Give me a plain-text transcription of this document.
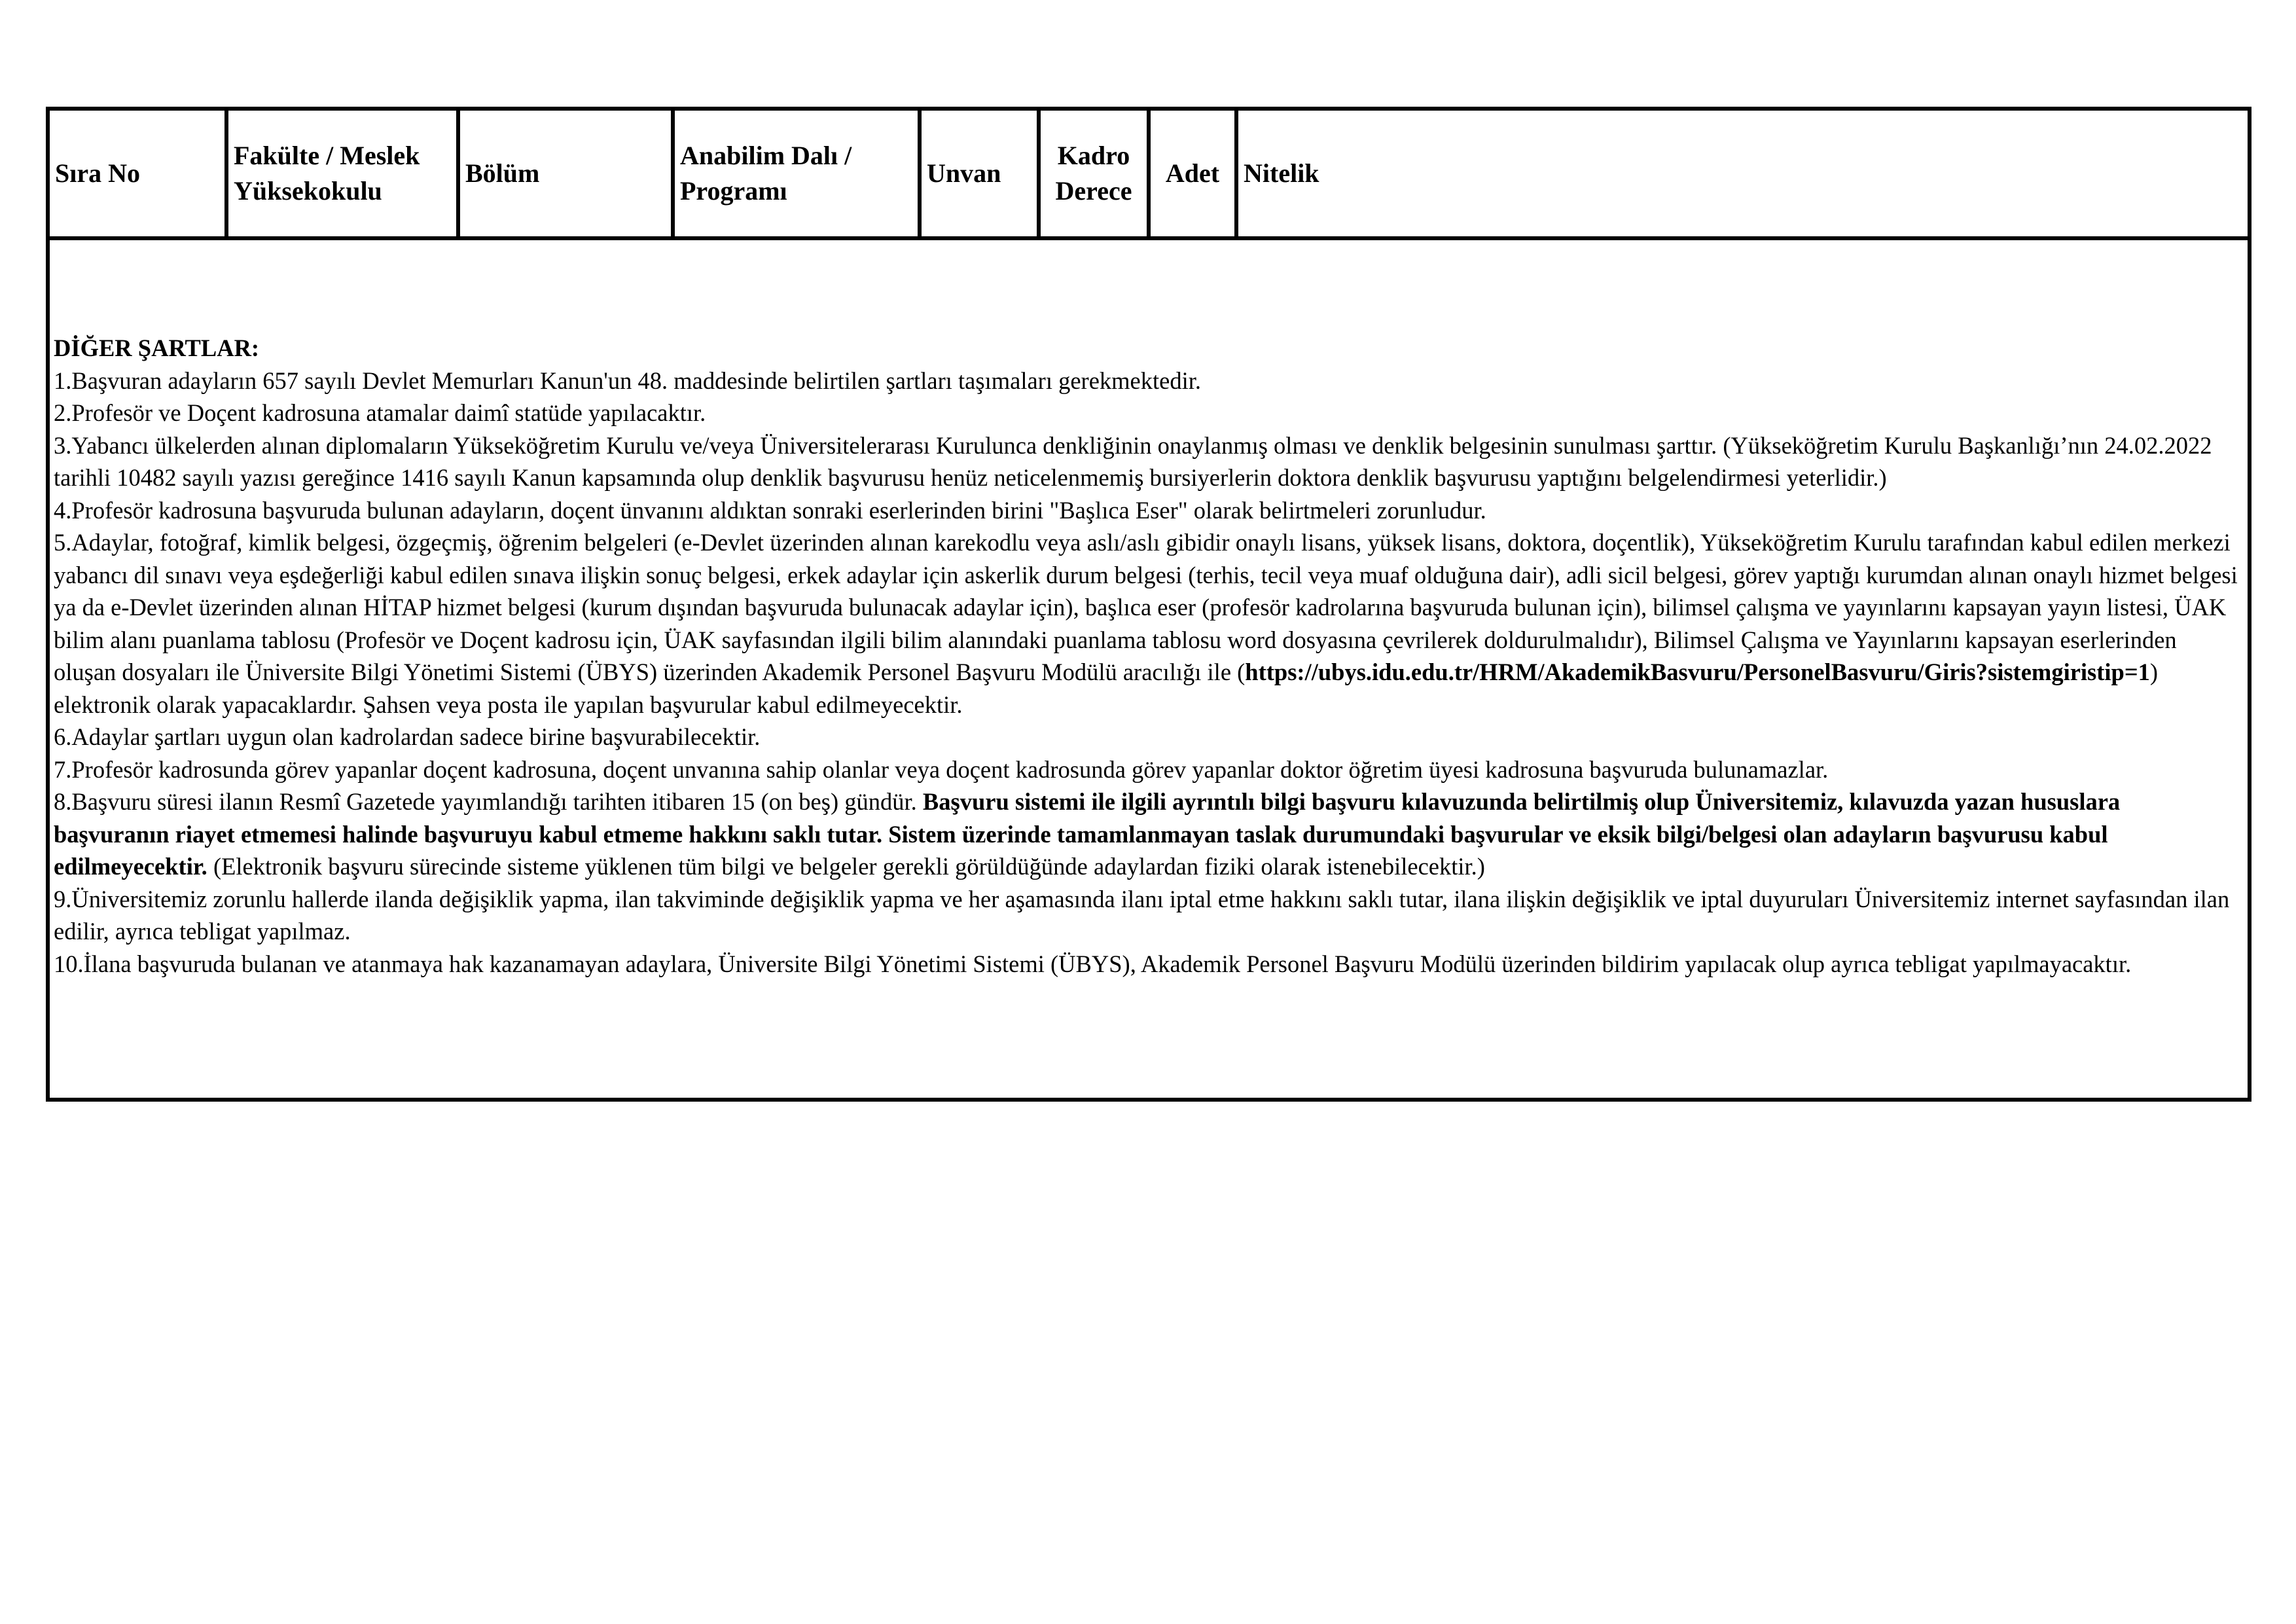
Sıra No
Fakülte / Meslek Yüksekokulu
Bölüm
Anabilim Dalı / Programı
Unvan
Kadro Derece
Adet Nitelik

DİĞER ŞARTLAR:

1.Başvuran adayların 657 sayılı Devlet Memurları Kanun'un 48. maddesinde belirtilen şartları taşımaları gerekmektedir.

2.Profesör ve Doçent kadrosuna atamalar daimî statüde yapılacaktır.

3.Yabancı ülkelerden alınan diplomaların Yükseköğretim Kurulu ve/veya Üniversitelerarası Kurulunca denkliğinin onaylanmış olması ve denklik belgesinin sunulması şarttır. (Yükseköğretim Kurulu Başkanlığı’nın 24.02.2022 tarihli 10482 sayılı yazısı gereğince 1416 sayılı Kanun kapsamında olup denklik başvurusu henüz neticelenmemiş bursiyerlerin doktora denklik başvurusu yaptığını belgelendirmesi yeterlidir.)

4.Profesör kadrosuna başvuruda bulunan adayların, doçent ünvanını aldıktan sonraki eserlerinden birini "Başlıca Eser" olarak belirtmeleri zorunludur.

5.Adaylar, fotoğraf, kimlik belgesi, özgeçmiş, öğrenim belgeleri (e-Devlet üzerinden alınan karekodlu veya aslı/aslı gibidir onaylı lisans, yüksek lisans, doktora, doçentlik), Yükseköğretim Kurulu tarafından kabul edilen merkezi yabancı dil sınavı veya eşdeğerliği kabul edilen sınava ilişkin sonuç belgesi, erkek adaylar için askerlik durum belgesi (terhis, tecil veya muaf olduğuna dair), adli sicil belgesi, görev yaptığı kurumdan alınan onaylı hizmet belgesi ya da e-Devlet üzerinden alınan HİTAP hizmet belgesi (kurum dışından başvuruda bulunacak adaylar için), başlıca eser (profesör kadrolarına başvuruda bulunan için), bilimsel çalışma ve yayınlarını kapsayan yayın listesi, ÜAK bilim alanı puanlama tablosu (Profesör ve Doçent kadrosu için, ÜAK sayfasından ilgili bilim alanındaki puanlama tablosu word dosyasına çevrilerek doldurulmalıdır), Bilimsel Çalışma ve Yayınlarını kapsayan eserlerinden oluşan dosyaları ile Üniversite Bilgi Yönetimi Sistemi (ÜBYS) üzerinden Akademik Personel Başvuru Modülü aracılığı ile (https://ubys.idu.edu.tr/HRM/AkademikBasvuru/PersonelBasvuru/Giris?sistemgiristip=1) elektronik olarak yapacaklardır. Şahsen veya posta ile yapılan başvurular kabul edilmeyecektir.

6.Adaylar şartları uygun olan kadrolardan sadece birine başvurabilecektir.

7.Profesör kadrosunda görev yapanlar doçent kadrosuna, doçent unvanına sahip olanlar veya doçent kadrosunda görev yapanlar doktor öğretim üyesi kadrosuna başvuruda bulunamazlar.

8.Başvuru süresi ilanın Resmî Gazetede yayımlandığı tarihten itibaren 15 (on beş) gündür. Başvuru sistemi ile ilgili ayrıntılı bilgi başvuru kılavuzunda belirtilmiş olup Üniversitemiz, kılavuzda yazan hususlara başvuranın riayet etmemesi halinde başvuruyu kabul etmeme hakkını saklı tutar. Sistem üzerinde tamamlanmayan taslak durumundaki başvurular ve eksik bilgi/belgesi olan adayların başvurusu kabul edilmeyecektir. (Elektronik başvuru sürecinde sisteme yüklenen tüm bilgi ve belgeler gerekli görüldüğünde adaylardan fiziki olarak istenebilecektir.)

9.Üniversitemiz zorunlu hallerde ilanda değişiklik yapma, ilan takviminde değişiklik yapma ve her aşamasında ilanı iptal etme hakkını saklı tutar, ilana ilişkin değişiklik ve iptal duyuruları Üniversitemiz internet sayfasından ilan edilir, ayrıca tebligat yapılmaz.

10.İlana başvuruda bulanan ve atanmaya hak kazanamayan adaylara, Üniversite Bilgi Yönetimi Sistemi (ÜBYS), Akademik Personel Başvuru Modülü üzerinden bildirim yapılacak olup ayrıca tebligat yapılmayacaktır.
